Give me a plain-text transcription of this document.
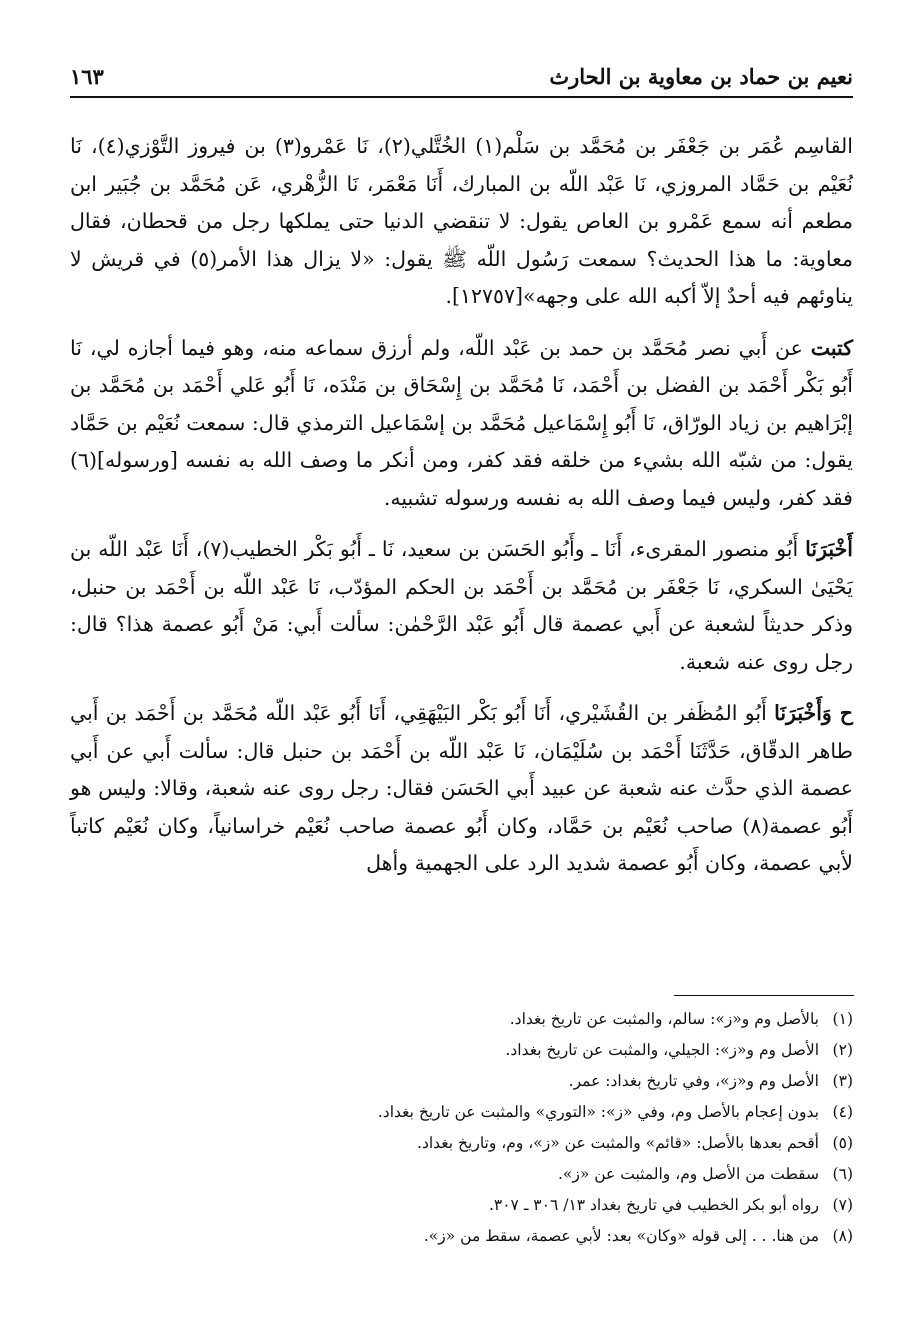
نعيم بن حماد بن معاوية بن الحارث
١٦٣

القاسِم عُمَر بن جَعْفَر بن مُحَمَّد بن سَلْم(١) الخُتَّلي(٢)، نَا عَمْرو(٣) بن فيروز التَّوْزي(٤)، نَا نُعَيْم بن حَمَّاد المروزي، نَا عَبْد اللّه بن المبارك، أَنَا مَعْمَر، نَا الزُّهْري، عَن مُحَمَّد بن جُبَير ابن مطعم أنه سمع عَمْرو بن العاص يقول: لا تنقضي الدنيا حتى يملكها رجل من قحطان، فقال معاوية: ما هذا الحديث؟ سمعت رَسُول اللّه ﷺ يقول: «لا يزال هذا الأمر(٥) في قريش لا يناوئهم فيه أحدٌ إلاّ أكبه الله على وجهه»[١٢٧٥٧].

كتبت عن أَبي نصر مُحَمَّد بن حمد بن عَبْد اللّه، ولم أرزق سماعه منه، وهو فيما أجازه لي، نَا أَبُو بَكْر أَحْمَد بن الفضل بن أَحْمَد، نَا مُحَمَّد بن إِسْحَاق بن مَنْدَه، نَا أَبُو عَلي أَحْمَد بن مُحَمَّد بن إبْرَاهيم بن زياد الورّاق، نَا أَبُو إِسْمَاعيل مُحَمَّد بن إسْمَاعيل الترمذي قال: سمعت نُعَيْم بن حَمَّاد يقول: من شبّه الله بشيء من خلقه فقد كفر، ومن أنكر ما وصف الله به نفسه [ورسوله](٦) فقد كفر، وليس فيما وصف الله به نفسه ورسوله تشبيه.

أَخْبَرَنَا أَبُو منصور المقرىء، أَنَا ـ وأَبُو الحَسَن بن سعيد، نَا ـ أَبُو بَكْر الخطيب(٧)، أَنَا عَبْد اللّه بن يَحْيَىٰ السكري، نَا جَعْفَر بن مُحَمَّد بن أَحْمَد بن الحكم المؤدّب، نَا عَبْد اللّه بن أَحْمَد بن حنبل، وذكر حديثاً لشعبة عن أَبي عصمة قال أَبُو عَبْد الرَّحْمٰن: سألت أَبي: مَنْ أَبُو عصمة هذا؟ قال: رجل روى عنه شعبة.

ح وَأَخْبَرَنَا أَبُو المُظَفر بن القُشَيْري، أَنَا أَبُو بَكْر البَيْهَقِي، أَنَا أَبُو عَبْد اللّه مُحَمَّد بن أَحْمَد بن أَبي طاهر الدقّاق، حَدَّثَنَا أَحْمَد بن سُلَيْمَان، نَا عَبْد اللّه بن أَحْمَد بن حنبل قال: سألت أَبي عن أَبي عصمة الذي حدَّث عنه شعبة عن عبيد أَبي الحَسَن فقال: رجل روى عنه شعبة، وقالا: وليس هو أَبُو عصمة(٨) صاحب نُعَيْم بن حَمَّاد، وكان أَبُو عصمة صاحب نُعَيْم خراسانياً، وكان نُعَيْم كاتباً لأبي عصمة، وكان أَبُو عصمة شديد الرد على الجهمية وأهل

(١)
بالأصل وم و«ز»: سالم، والمثبت عن تاريخ بغداد.
(٢)
الأصل وم و«ز»: الجيلي، والمثبت عن تاريخ بغداد.
(٣)
الأصل وم و«ز»، وفي تاريخ بغداد: عمر.
(٤)
بدون إعجام بالأصل وم، وفي «ز»: «التوري» والمثبت عن تاريخ بغداد.
(٥)
أقحم بعدها بالأصل: «قائم» والمثبت عن «ز»، وم، وتاريخ بغداد.
(٦)
سقطت من الأصل وم، والمثبت عن «ز».
(٧)
رواه أبو بكر الخطيب في تاريخ بغداد ١٣/ ٣٠٦ ـ ٣٠٧.
(٨)
من هنا. . . إلى قوله «وكان» بعد: لأبي عصمة، سقط من «ز».
